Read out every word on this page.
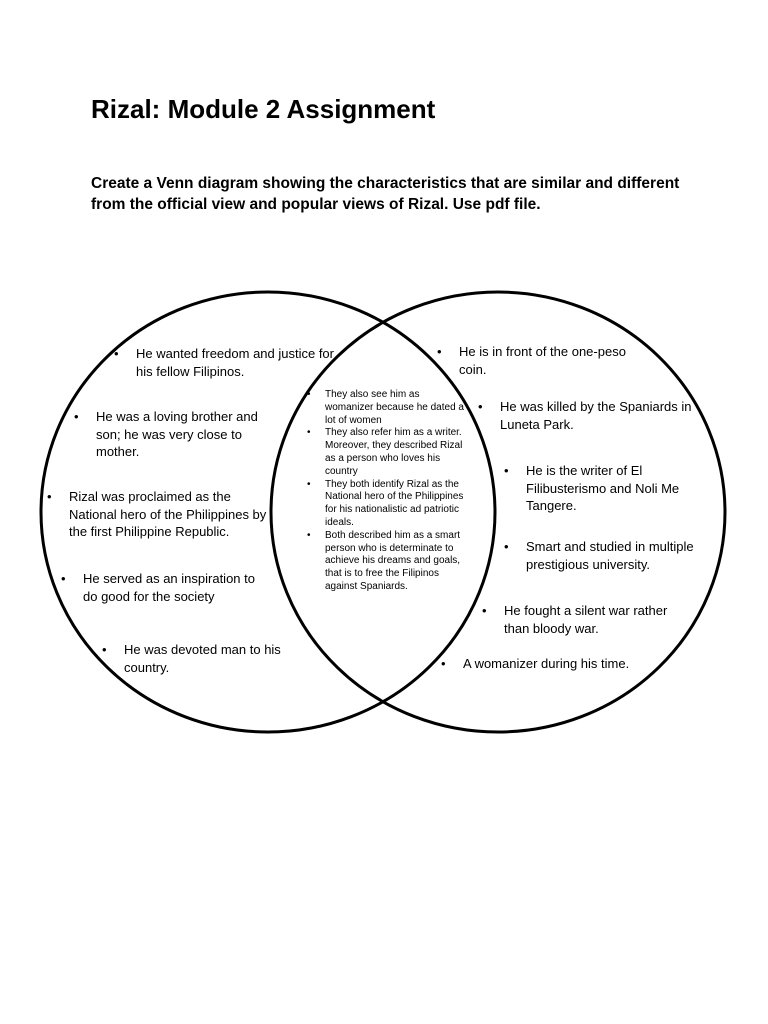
Rizal: Module 2 Assignment

Create a Venn diagram showing the characteristics that are similar and different from the official view and popular views of Rizal. Use pdf file.

• He wanted freedom and justice for his fellow Filipinos.

• He was a loving brother and son; he was very close to mother.

• Rizal was proclaimed as the National hero of the Philippines by the first Philippine Republic.

• He served as an inspiration to do good for the society

• He was devoted man to his country.

• They also see him as womanizer because he dated a lot of women
• They also refer him as a writer. Moreover, they described Rizal as a person who loves his country
• They both identify Rizal as the National hero of the Philippines for his nationalistic ad patriotic ideals.
• Both described him as a smart person who is determinate to achieve his dreams and goals, that is to free the Filipinos against Spaniards.

• He is in front of the one-peso coin.

• He was killed by the Spaniards in Luneta Park.

• He is the writer of El Filibusterismo and Noli Me Tangere.

• Smart and studied in multiple prestigious university.

• He fought a silent war rather than bloody war.

• A womanizer during his time.
